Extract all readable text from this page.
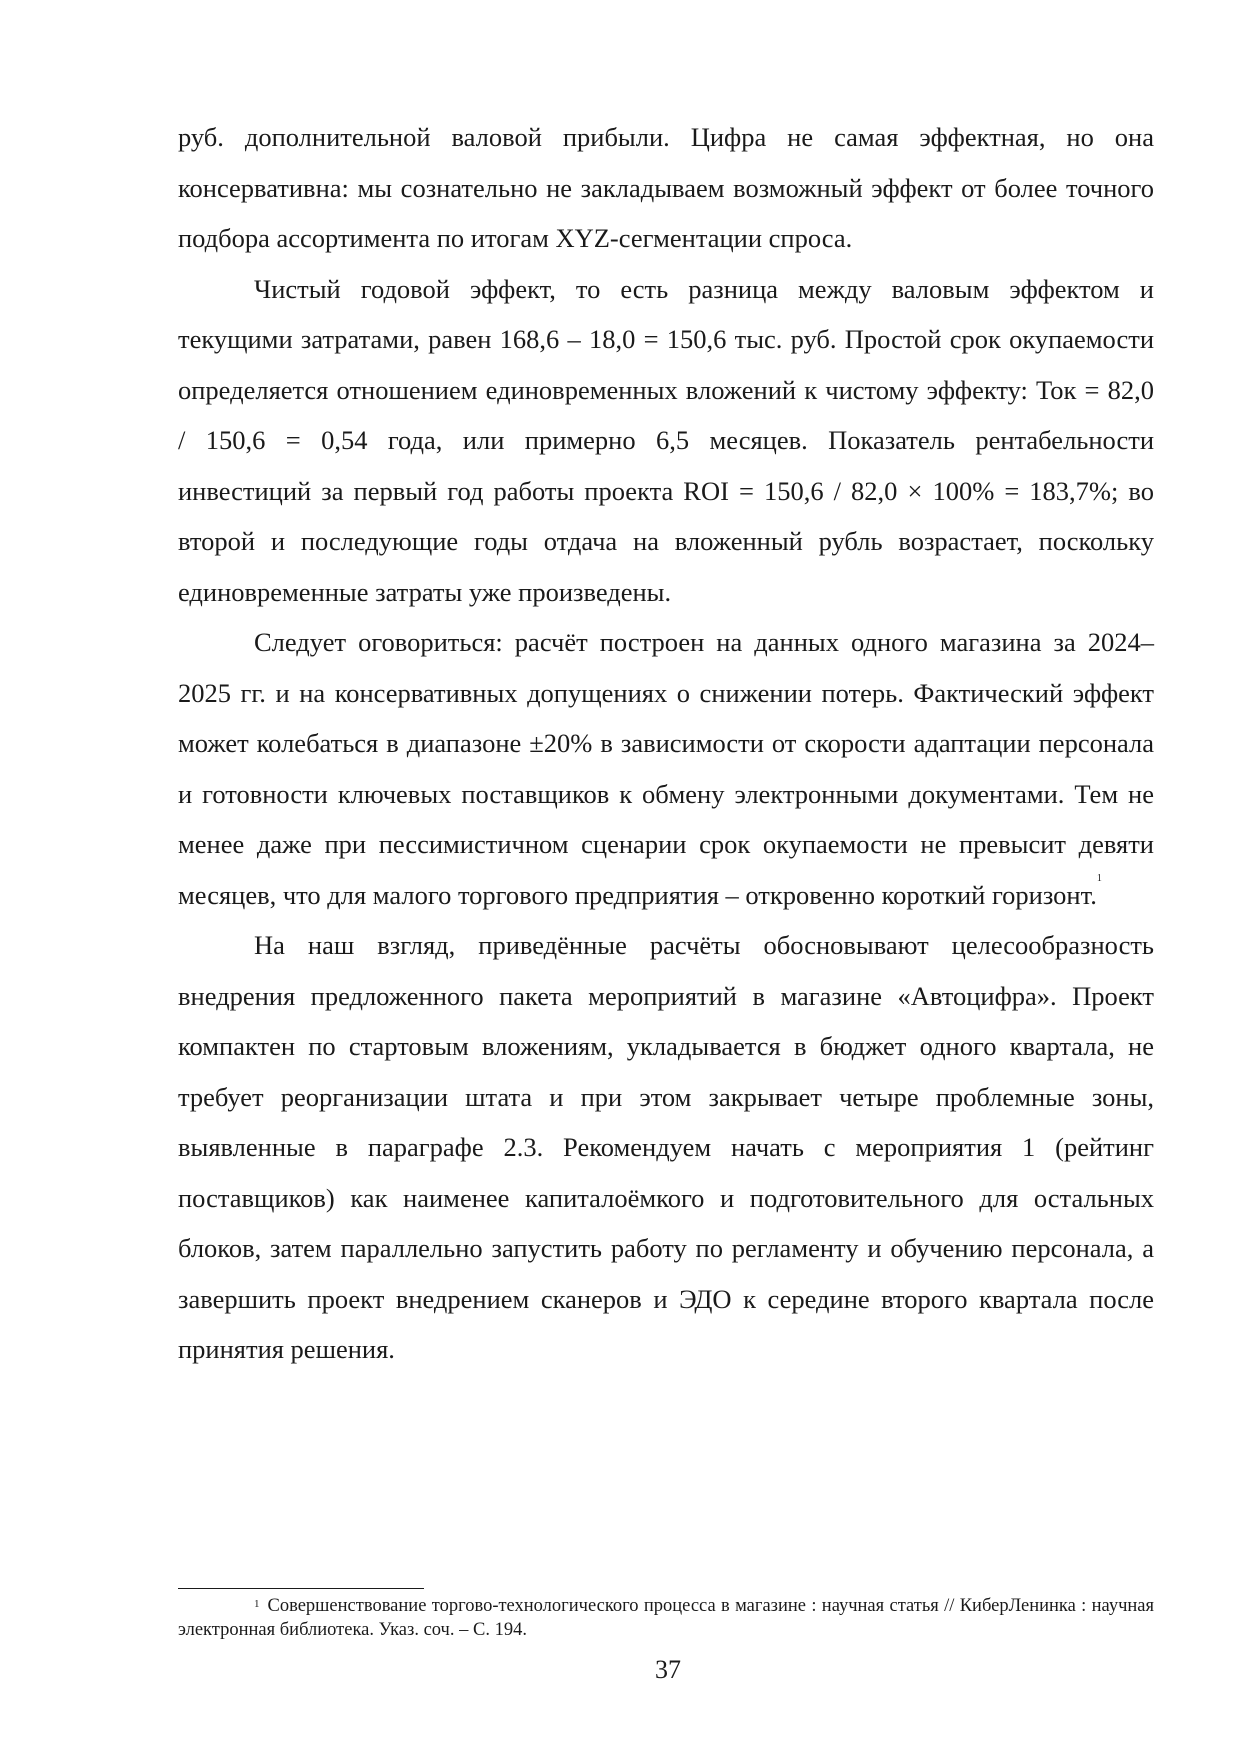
руб. дополнительной валовой прибыли. Цифра не самая эффектная, но она консервативна: мы сознательно не закладываем возможный эффект от более точного подбора ассортимента по итогам XYZ-сегментации спроса.

Чистый годовой эффект, то есть разница между валовым эффектом и текущими затратами, равен 168,6 – 18,0 = 150,6 тыс. руб. Простой срок окупаемости определяется отношением единовременных вложений к чистому эффекту: Ток = 82,0 / 150,6 = 0,54 года, или примерно 6,5 месяцев. Показатель рентабельности инвестиций за первый год работы проекта ROI = 150,6 / 82,0 × 100% = 183,7%; во второй и последующие годы отдача на вложенный рубль возрастает, поскольку единовременные затраты уже произведены.

Следует оговориться: расчёт построен на данных одного магазина за 2024–2025 гг. и на консервативных допущениях о снижении потерь. Фактический эффект может колебаться в диапазоне ±20% в зависимости от скорости адаптации персонала и готовности ключевых поставщиков к обмену электронными документами. Тем не менее даже при пессимистичном сценарии срок окупаемости не превысит девяти месяцев, что для малого торгового предприятия – откровенно короткий горизонт.$^1$

На наш взгляд, приведённые расчёты обосновывают целесообразность внедрения предложенного пакета мероприятий в магазине «Автоцифра». Проект компактен по стартовым вложениям, укладывается в бюджет одного квартала, не требует реорганизации штата и при этом закрывает четыре проблемные зоны, выявленные в параграфе 2.3. Рекомендуем начать с мероприятия 1 (рейтинг поставщиков) как наименее капиталоёмкого и подготовительного для остальных блоков, затем параллельно запустить работу по регламенту и обучению персонала, а завершить проект внедрением сканеров и ЭДО к середине второго квартала после принятия решения.

$^1$ Совершенствование торгово-технологического процесса в магазине : научная статья // КиберЛенинка : научная электронная библиотека. Указ. соч. – С. 194.

37
